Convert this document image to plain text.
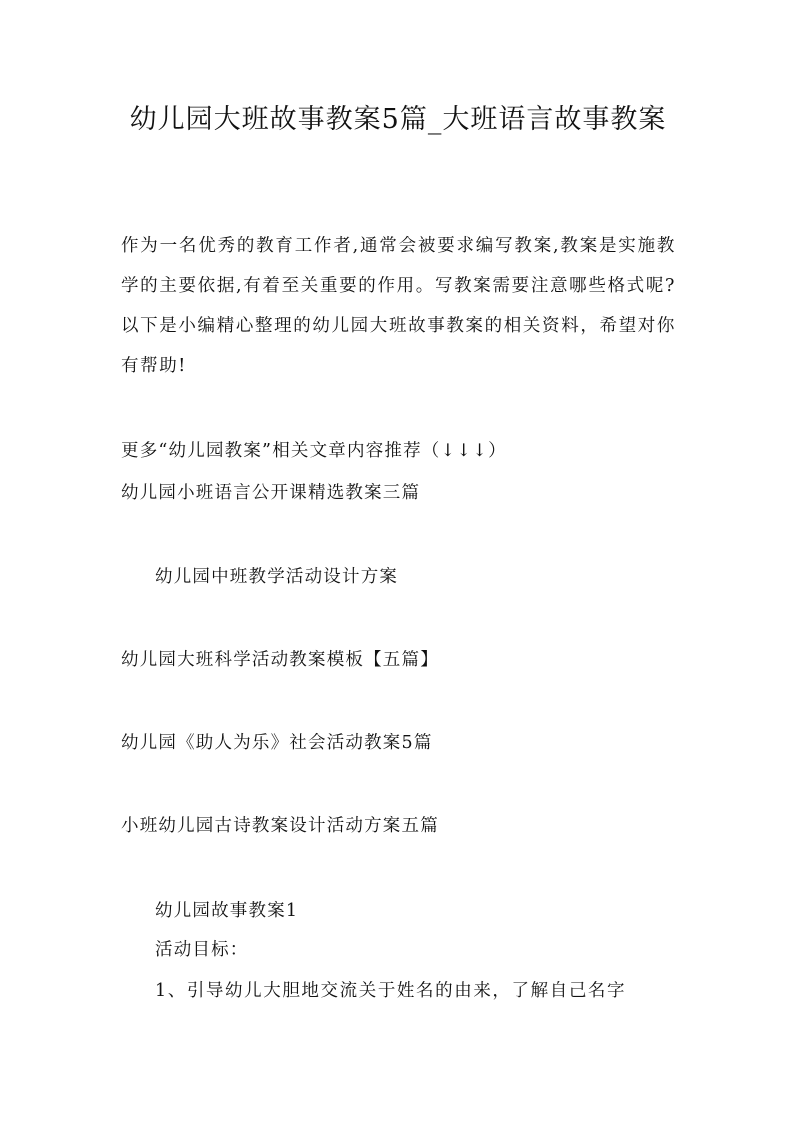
幼儿园大班故事教案5篇_大班语言故事教案

作为一名优秀的教育工作者,通常会被要求编写教案,教案是实施教学的主要依据,有着至关重要的作用。写教案需要注意哪些格式呢?以下是小编精心整理的幼儿园大班故事教案的相关资料，希望对你有帮助!

更多“幼儿园教案”相关文章内容推荐（↓↓↓）

幼儿园小班语言公开课精选教案三篇

幼儿园中班教学活动设计方案

幼儿园大班科学活动教案模板【五篇】

幼儿园《助人为乐》社会活动教案5篇

小班幼儿园古诗教案设计活动方案五篇

幼儿园故事教案1

活动目标：

1、引导幼儿大胆地交流关于姓名的由来，了解自己名字
